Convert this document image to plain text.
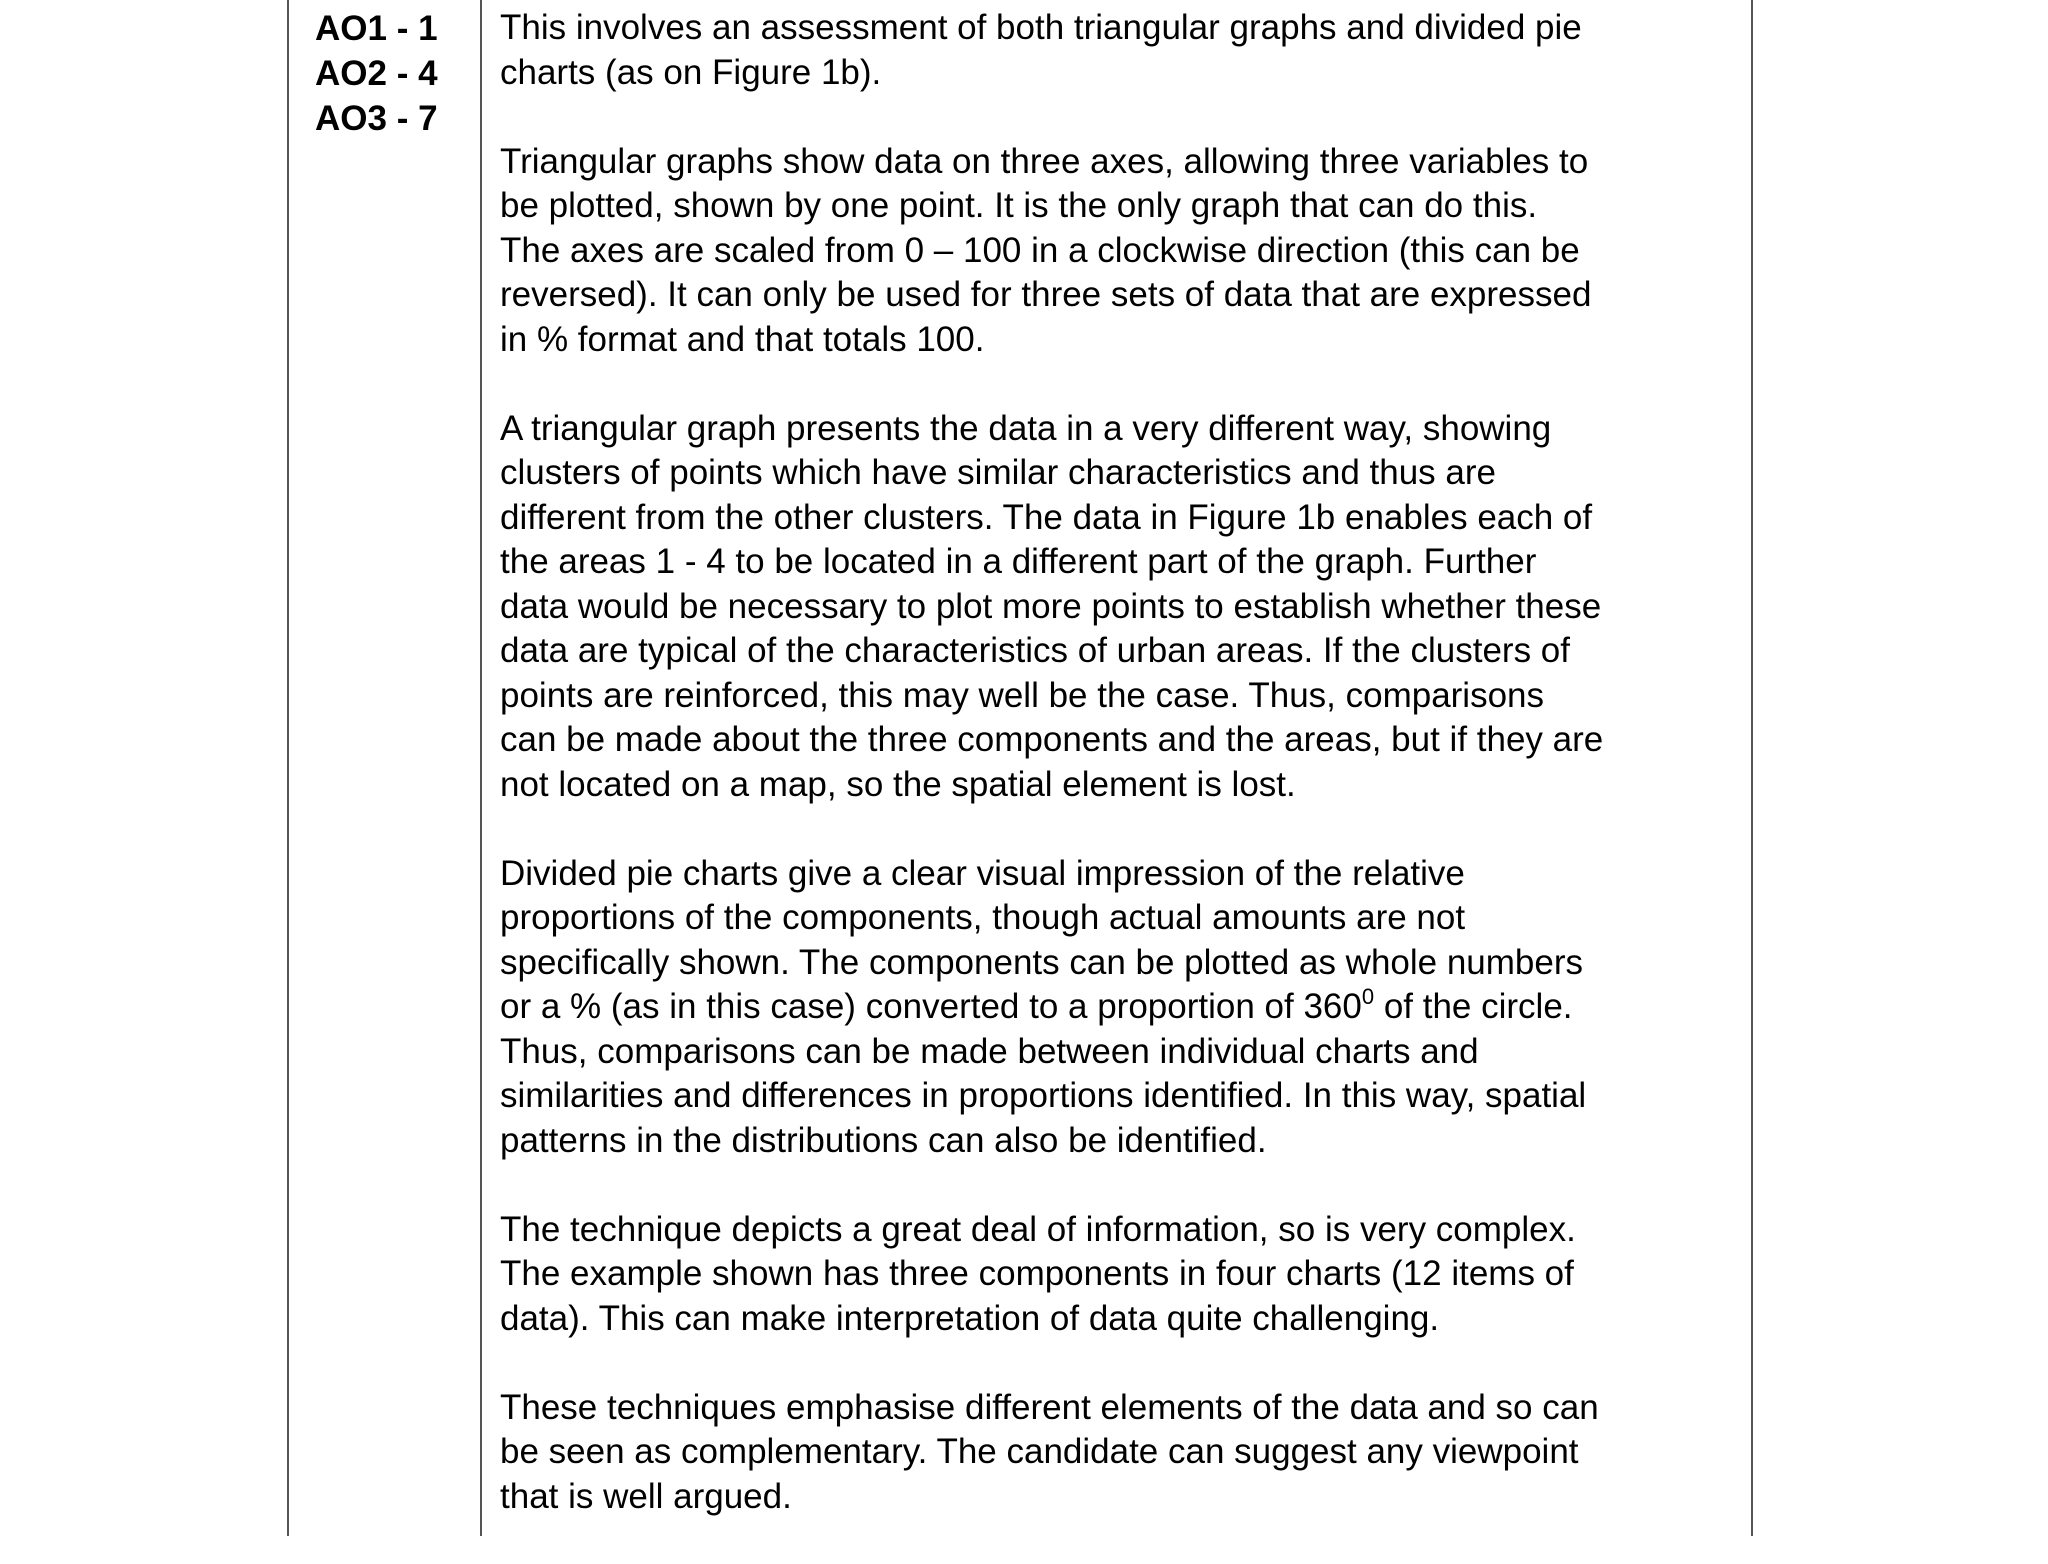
AO1 - 1
AO2 - 4
AO3 - 7

This involves an assessment of both triangular graphs and divided pie
charts (as on Figure 1b).

Triangular graphs show data on three axes, allowing three variables to
be plotted, shown by one point. It is the only graph that can do this.
The axes are scaled from 0 – 100 in a clockwise direction (this can be
reversed). It can only be used for three sets of data that are expressed
in % format and that totals 100.

A triangular graph presents the data in a very different way, showing
clusters of points which have similar characteristics and thus are
different from the other clusters. The data in Figure 1b enables each of
the areas 1 - 4 to be located in a different part of the graph. Further
data would be necessary to plot more points to establish whether these
data are typical of the characteristics of urban areas. If the clusters of
points are reinforced, this may well be the case. Thus, comparisons
can be made about the three components and the areas, but if they are
not located on a map, so the spatial element is lost.

Divided pie charts give a clear visual impression of the relative
proportions of the components, though actual amounts are not
specifically shown. The components can be plotted as whole numbers
or a % (as in this case) converted to a proportion of $360^0$ of the circle.
Thus, comparisons can be made between individual charts and
similarities and differences in proportions identified. In this way, spatial
patterns in the distributions can also be identified.

The technique depicts a great deal of information, so is very complex.
The example shown has three components in four charts (12 items of
data). This can make interpretation of data quite challenging.

These techniques emphasise different elements of the data and so can
be seen as complementary. The candidate can suggest any viewpoint
that is well argued.
